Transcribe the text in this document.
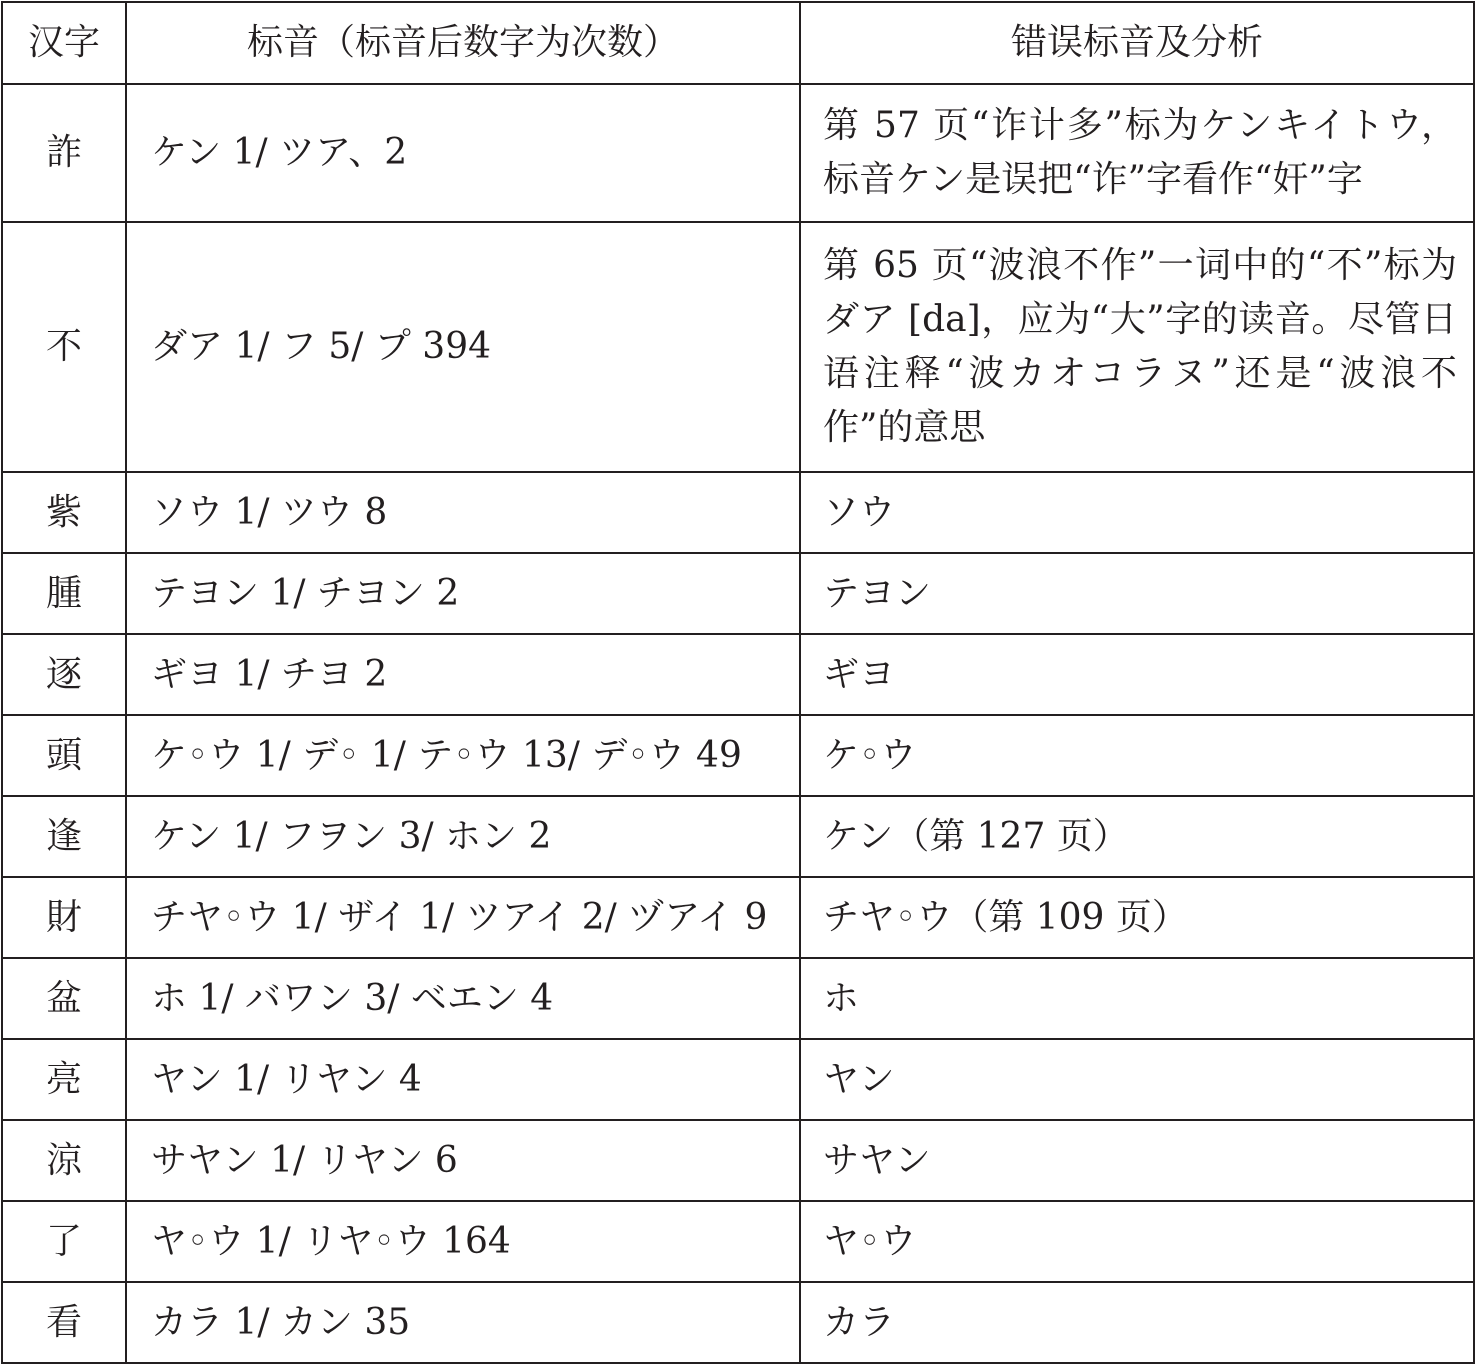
汉字	标音（标音后数字为次数）	错误标音及分析
詐	ケン 1/ ツア、2	第 57 页“诈计多”标为ケンキイトウ，标音ケン是误把“诈”字看作“奸”字
不	ダア 1/ フ 5/ プ 394	第 65 页“波浪不作”一词中的“不”标为ダア [da]，应为“大”字的读音。尽管日语注释“波カオコラヌ”还是“波浪不作”的意思
紫	ソウ 1/ ツウ 8	ソウ
腫	テヨン 1/ チヨン 2	テヨン
逐	ギヨ 1/ チヨ 2	ギヨ
頭	ケ◦ウ 1/ デ◦ 1/ テ◦ウ 13/ デ◦ウ 49	ケ◦ウ
逢	ケン 1/ フヲン 3/ ホン 2	ケン（第 127 页）
財	チヤ◦ウ 1/ ザイ 1/ ツアイ 2/ ヅアイ 9	チヤ◦ウ（第 109 页）
盆	ホ 1/ バワン 3/ ベエン 4	ホ
亮	ヤン 1/ リヤン 4	ヤン
涼	サヤン 1/ リヤン 6	サヤン
了	ヤ◦ウ 1/ リヤ◦ウ 164	ヤ◦ウ
看	カラ 1/ カン 35	カラ
